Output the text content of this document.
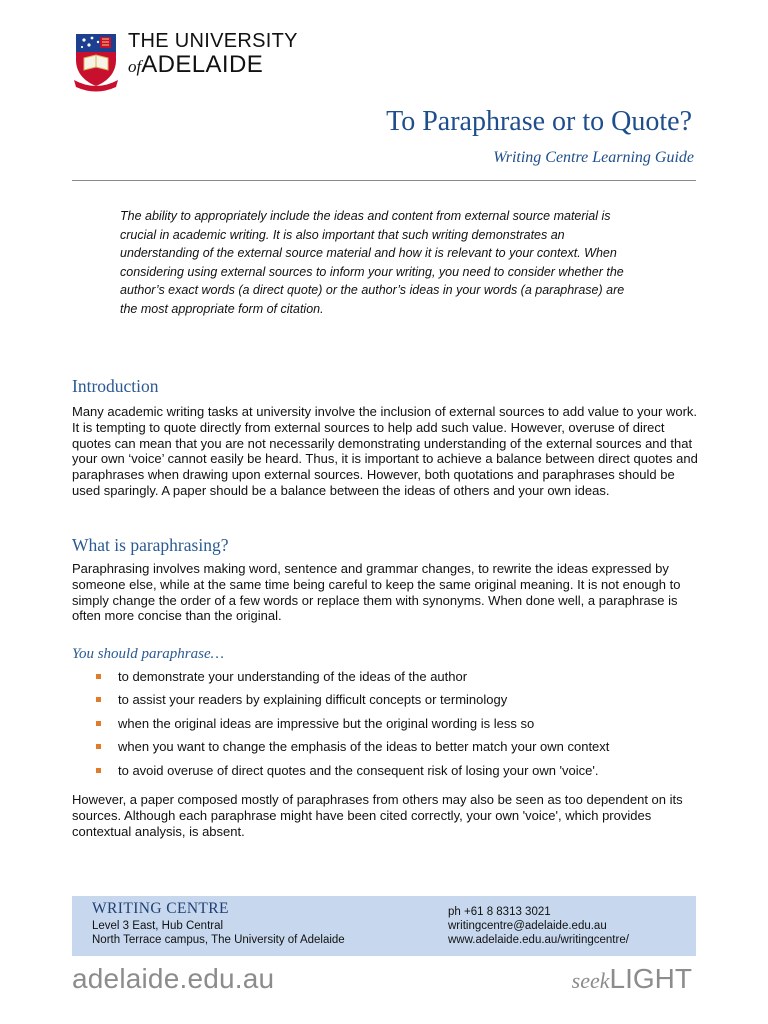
THE UNIVERSITY
ofADELAIDE
To Paraphrase or to Quote?
Writing Centre Learning Guide

The ability to appropriately include the ideas and content from external source material is crucial in academic writing. It is also important that such writing demonstrates an understanding of the external source material and how it is relevant to your context. When considering using external sources to inform your writing, you need to consider whether the author’s exact words (a direct quote) or the author’s ideas in your words (a paraphrase) are the most appropriate form of citation.

Introduction

Many academic writing tasks at university involve the inclusion of external sources to add value to your work. It is tempting to quote directly from external sources to help add such value. However, overuse of direct quotes can mean that you are not necessarily demonstrating understanding of the external sources and that your own ‘voice’ cannot easily be heard. Thus, it is important to achieve a balance between direct quotes and paraphrases when drawing upon external sources. However, both quotations and paraphrases should be used sparingly. A paper should be a balance between the ideas of others and your own ideas.

What is paraphrasing?

Paraphrasing involves making word, sentence and grammar changes, to rewrite the ideas expressed by someone else, while at the same time being careful to keep the same original meaning. It is not enough to simply change the order of a few words or replace them with synonyms. When done well, a paraphrase is often more concise than the original.

You should paraphrase…
to demonstrate your understanding of the ideas of the author
to assist your readers by explaining difficult concepts or terminology
when the original ideas are impressive but the original wording is less so
when you want to change the emphasis of the ideas to better match your own context
to avoid overuse of direct quotes and the consequent risk of losing your own 'voice'.

However, a paper composed mostly of paraphrases from others may also be seen as too dependent on its sources. Although each paraphrase might have been cited correctly, your own 'voice', which provides contextual analysis, is absent.

WRITING CENTRE
Level 3 East, Hub Central
North Terrace campus, The University of Adelaide
ph +61 8 8313 3021
writingcentre@adelaide.edu.au
www.adelaide.edu.au/writingcentre/
adelaide.edu.au	seekLIGHT
